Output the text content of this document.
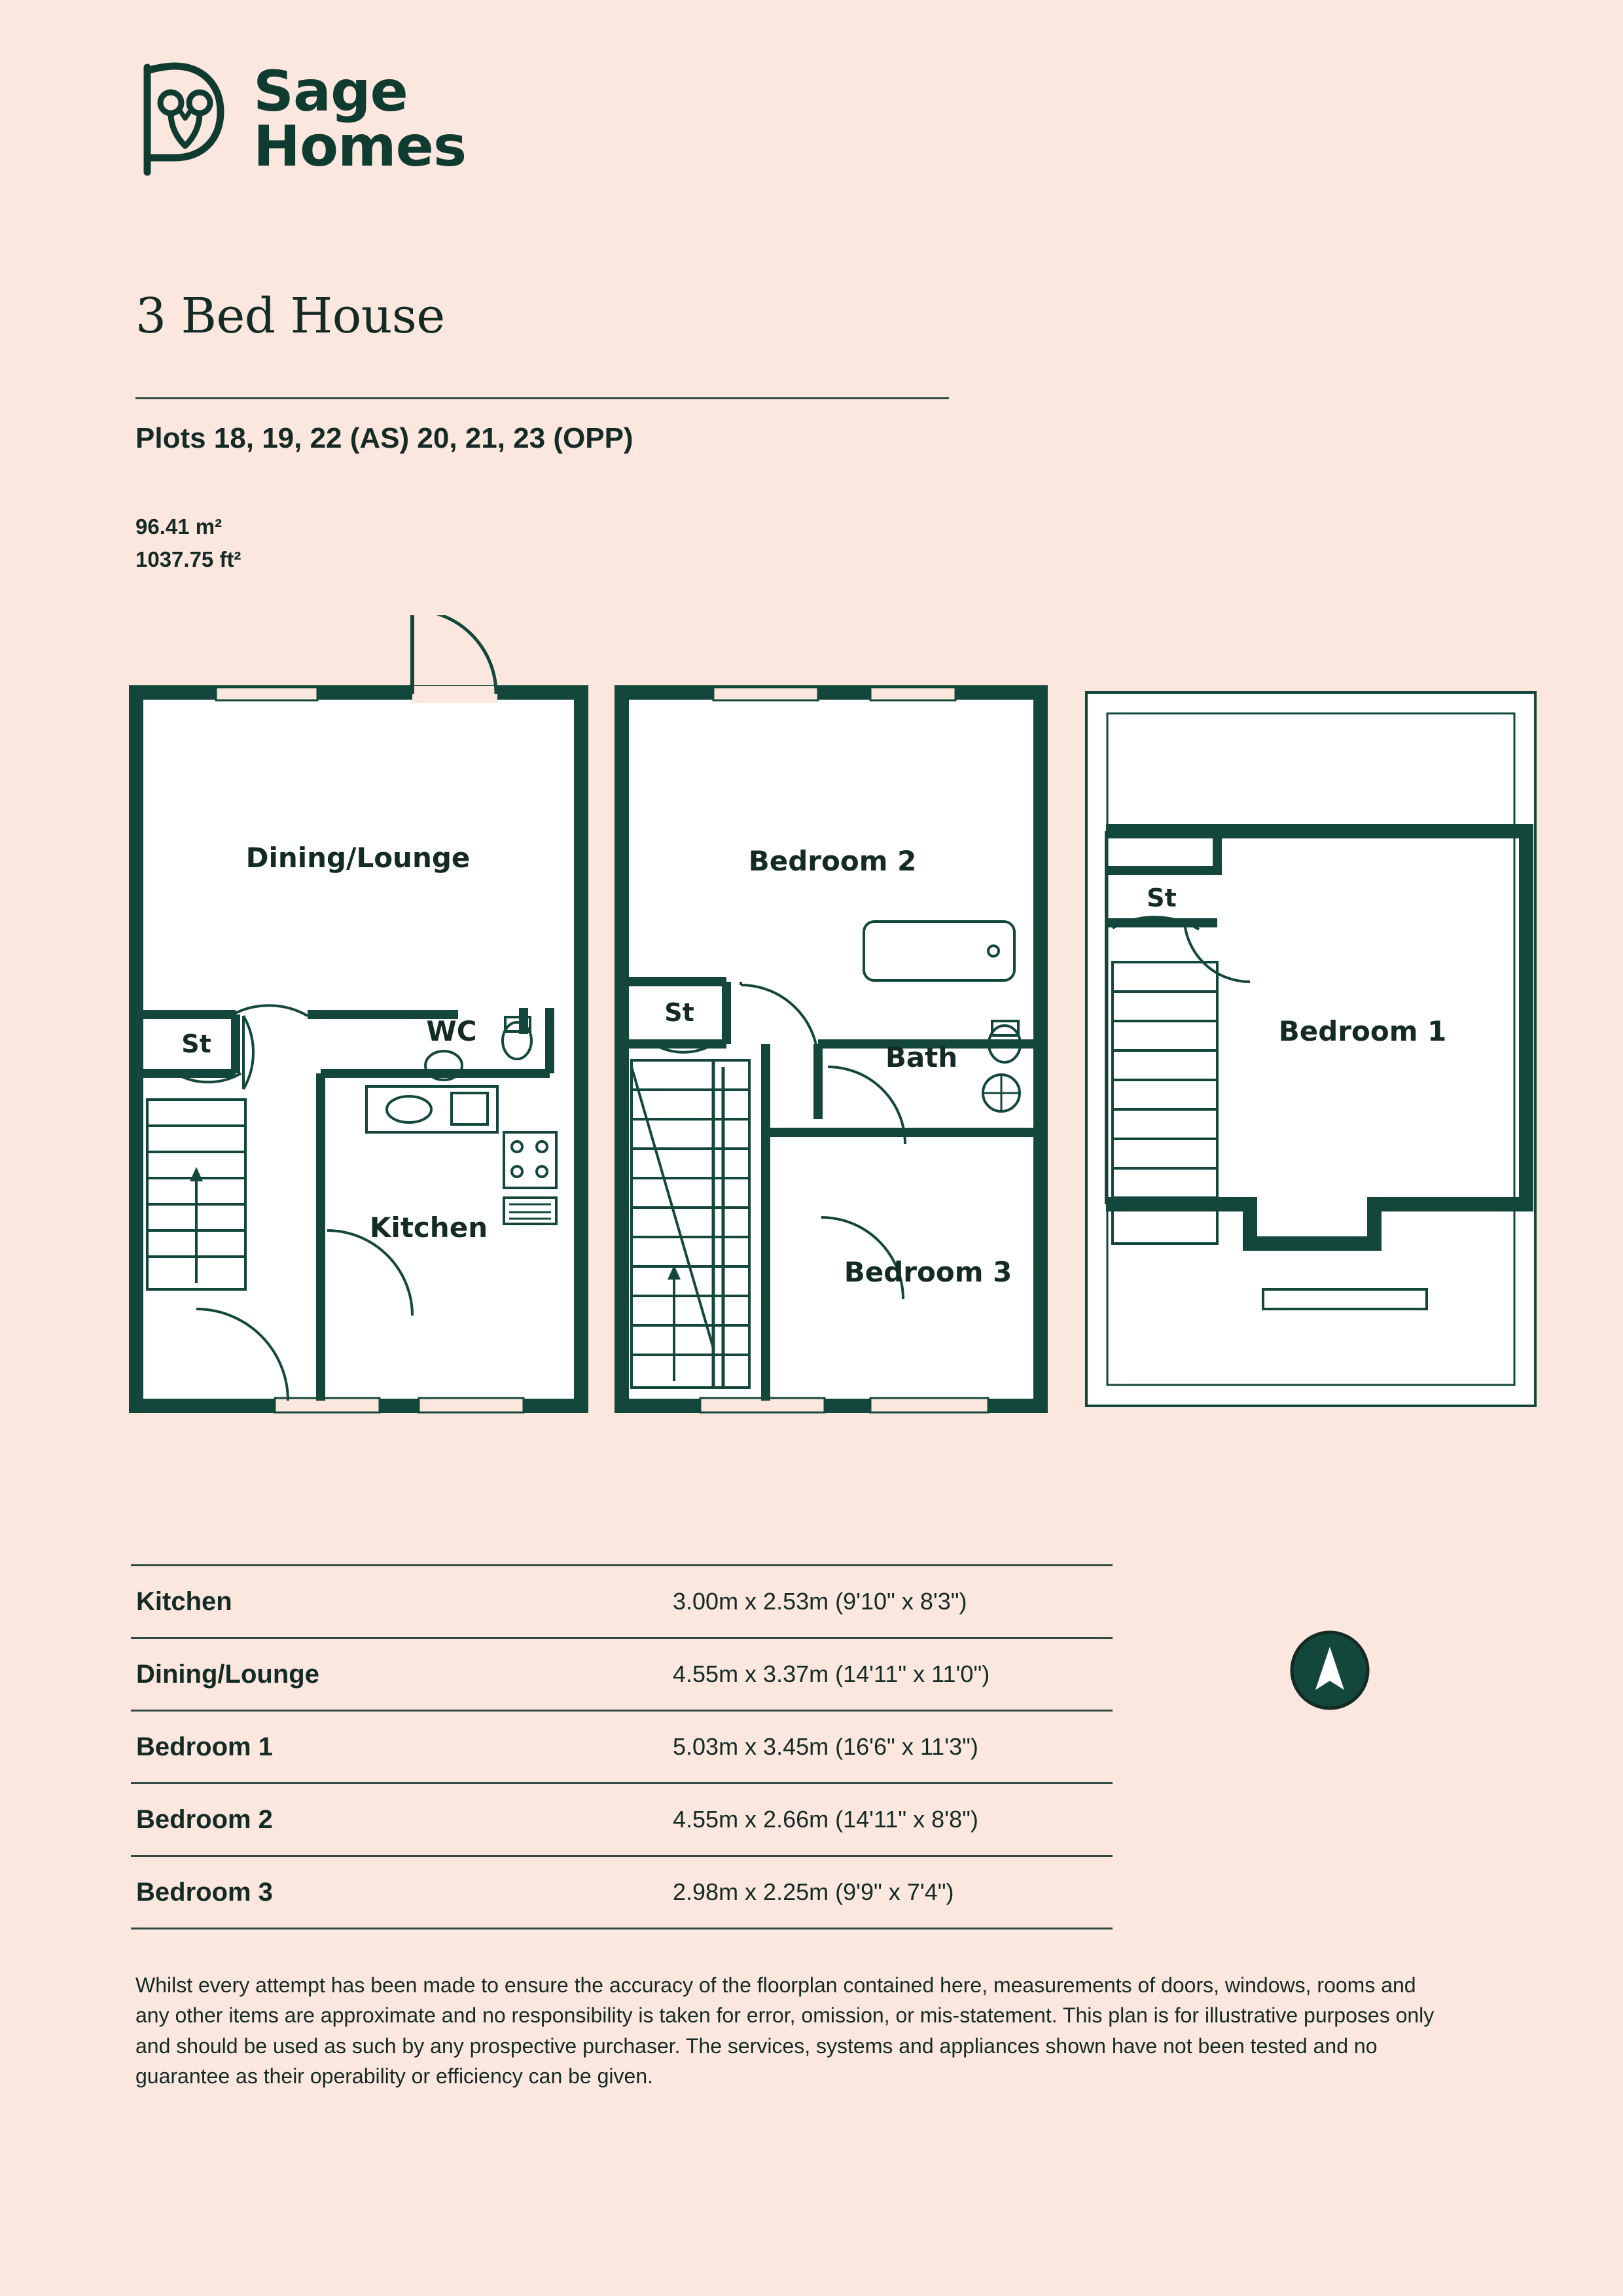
Sage
Homes
3 Bed House
Plots 18, 19, 22 (AS) 20, 21, 23 (OPP)
96.41 m²
1037.75 ft²
Dining/Lounge
St	WC
Kitchen
Bedroom 2
St
Bath
Bedroom 3
Bedroom 1
St
Kitchen	3.00m x 2.53m (9'10" x 8'3")
Dining/Lounge	4.55m x 3.37m (14'11" x 11'0")
Bedroom 1	5.03m x 3.45m (16'6" x 11'3")
Bedroom 2	4.55m x 2.66m (14'11" x 8'8")
Bedroom 3	2.98m x 2.25m (9'9" x 7'4")
Whilst every attempt has been made to ensure the accuracy of the floorplan contained here, measurements of doors, windows, rooms and any other items are approximate and no responsibility is taken for error, omission, or mis-statement. This plan is for illustrative purposes only and should be used as such by any prospective purchaser. The services, systems and appliances shown have not been tested and no guarantee as their operability or efficiency can be given.
